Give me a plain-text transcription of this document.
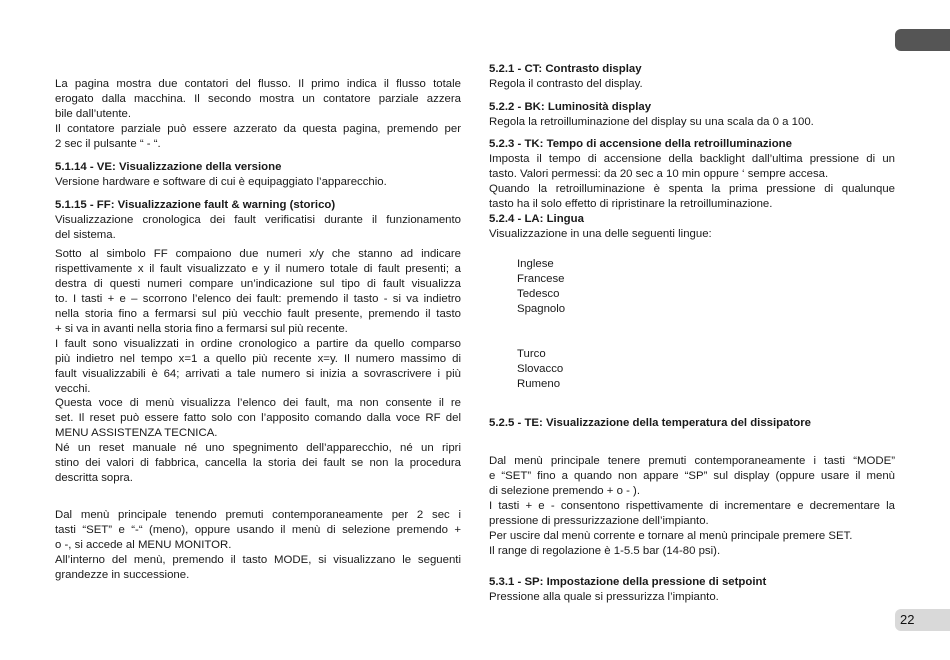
La pagina mostra due contatori del flusso. Il primo indica il flusso totale
erogato dalla macchina. Il secondo mostra un contatore parziale azzera
bile dall’utente.
Il contatore parziale può essere azzerato da questa pagina, premendo per
2 sec il pulsante “ - “.
5.1.14 - VE: Visualizzazione della versione
Versione hardware e software di cui è equipaggiato l’apparecchio.
5.1.15 - FF: Visualizzazione fault & warning (storico)
Visualizzazione cronologica dei fault verificatisi durante il funzionamento
del sistema.
Sotto al simbolo FF compaiono due numeri x/y che stanno ad indicare
rispettivamente x il fault visualizzato e y il numero totale di fault presenti; a
destra di questi numeri compare un’indicazione sul tipo di fault visualizza
to. I tasti + e – scorrono l’elenco dei fault: premendo il tasto - si va indietro
nella storia fino a fermarsi sul più vecchio fault presente, premendo il tasto
+ si va in avanti nella storia fino a fermarsi sul più recente.
I fault sono visualizzati in ordine cronologico a partire da quello comparso
più indietro nel tempo x=1 a quello più recente x=y. Il numero massimo di
fault visualizzabili è 64; arrivati a tale numero si inizia a sovrascrivere i più
vecchi.
Questa voce di menù visualizza l’elenco dei fault, ma non consente il re
set. Il reset può essere fatto solo con l’apposito comando dalla voce RF del
MENU ASSISTENZA TECNICA.
Né un reset manuale né uno spegnimento dell’apparecchio, né un ripri
stino dei valori di fabbrica, cancella la storia dei fault se non la procedura
descritta sopra.
Dal menù principale tenendo premuti contemporaneamente per 2 sec i
tasti “SET” e “-“ (meno), oppure usando il menù di selezione premendo +
o -, si accede al MENU MONITOR.
All’interno del menù, premendo il tasto MODE, si visualizzano le seguenti
grandezze in successione.
5.2.1 - CT: Contrasto display
Regola il contrasto del display.
5.2.2 - BK: Luminosità display
Regola la retroilluminazione del display su una scala da 0 a 100.
5.2.3 - TK: Tempo di accensione della retroilluminazione
Imposta il tempo di accensione della backlight dall’ultima pressione di un
tasto. Valori permessi: da 20 sec a 10 min oppure ‘ sempre accesa.
Quando la retroilluminazione è spenta la prima pressione di qualunque
tasto ha il solo effetto di ripristinare la retroilluminazione.
5.2.4 - LA: Lingua
Visualizzazione in una delle seguenti lingue:
Inglese
Francese
Tedesco
Spagnolo
Turco
Slovacco
Rumeno
5.2.5 - TE: Visualizzazione della temperatura del dissipatore
Dal menù principale tenere premuti contemporaneamente i tasti “MODE”
e “SET” fino a quando non appare “SP” sul display (oppure usare il menù
di selezione premendo + o - ).
I tasti + e - consentono rispettivamente di incrementare e decrementare la
pressione di pressurizzazione dell’impianto.
Per uscire dal menù corrente e tornare al menù principale premere SET.
Il range di regolazione è 1-5.5 bar (14-80 psi).
5.3.1 - SP: Impostazione della pressione di setpoint
Pressione alla quale si pressurizza l’impianto.
22
